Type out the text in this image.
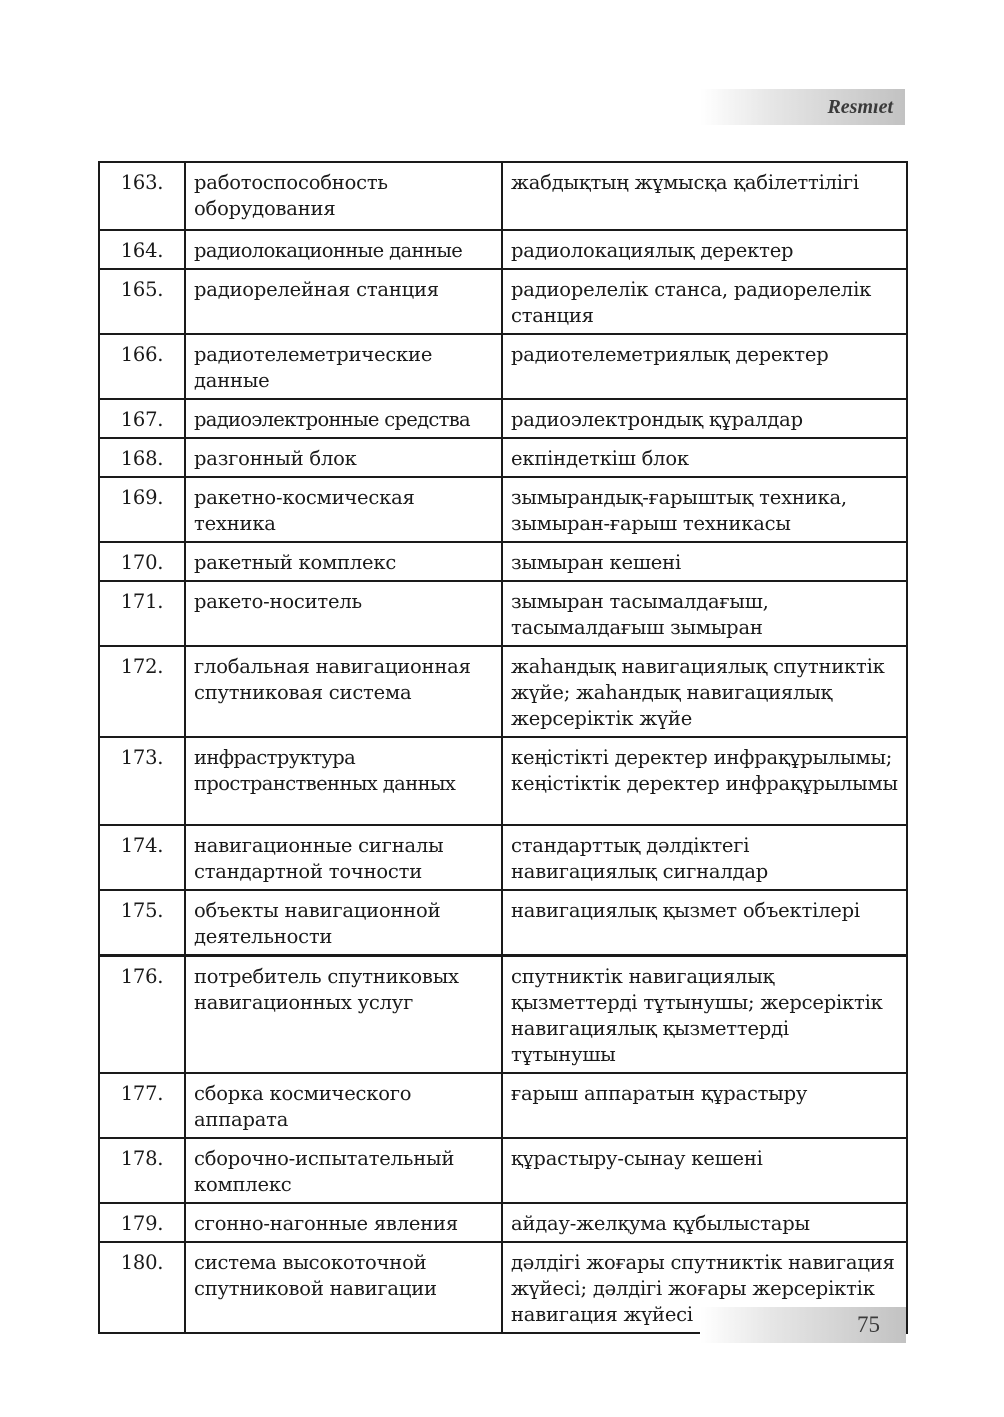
Resmıet
163.	работоспособность оборудования	жабдықтың жұмысқа қабілеттілігі
164.	радиолокационные данные	радиолокациялық деректер
165.	радиорелейная станция	радиорелелік станса, радиорелелік станция
166.	радиотелеметрические данные	радиотелеметриялық деректер
167.	радиоэлектронные средства	радиоэлектрондық құралдар
168.	разгонный блок	екпіндеткіш блок
169.	ракетно-космическая техника	зымырандық-ғарыштық техника, зымыран-ғарыш техникасы
170.	ракетный комплекс	зымыран кешені
171.	ракето-носитель	зымыран тасымалдағыш, тасымалдағыш зымыран
172.	глобальная навигационная спутниковая система	жаһандық навигациялық спутниктік жүйе; жаһандық навигациялық жерсеріктік жүйе
173.	инфраструктура пространственных данных	кеңістікті деректер инфрақұрылымы; кеңістіктік деректер инфрақұрылымы
174.	навигационные сигналы стандартной точности	стандарттық дәлдіктегі навигациялық сигналдар
175.	объекты навигационной деятельности	навигациялық қызмет объектілері
176.	потребитель спутниковых навигационных услуг	спутниктік навигациялық қызметтерді тұтынушы; жерсеріктік навигациялық қызметтерді тұтынушы
177.	сборка космического аппарата	ғарыш аппаратын құрастыру
178.	сборочно-испытательный комплекс	құрастыру-сынау кешені
179.	сгонно-нагонные явления	айдау-желқума құбылыстары
180.	система высокоточной спутниковой навигации	дәлдігі жоғары спутниктік навигация жүйесі; дәлдігі жоғары жерсеріктік навигация жүйесі	75
